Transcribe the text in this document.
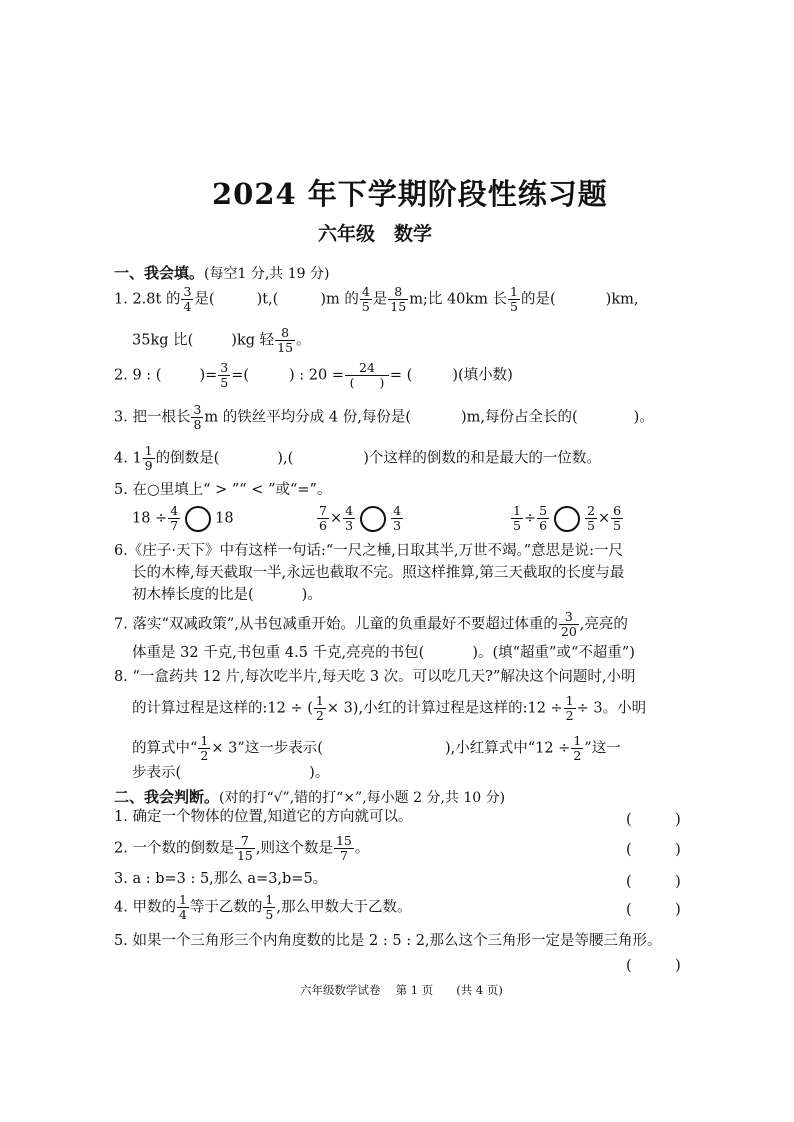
2024 年下学期阶段性练习题
六年级　数学
一、我会填。(每空1 分,共 19 分)
1. 2.8t 的 $\frac{3}{4}$ 是(	)t,(	)m 的 $\frac{4}{5}$ 是 $\frac{8}{15} m$;比 40km 长 $\frac{1}{5}$ 的是(	)km,
35kg 比(	)kg 轻 $\frac{8}{15}$ 。
2. 9 : (	)= $\frac{3}{5}$ =(	) : 20 =	24
(　　) = (	)(填小数)
3. 把一根长 $\frac{3}{8}$ m 的铁丝平均分成 4 份,每份是(	)m,每份占全长的(	)。
4. $1 \frac{1}{9}$ 的倒数是(	),(	)个这样的倒数的和是最大的一位数。
5. 在○里填上“ > ”“ < ”或“=”。
$18 \div \frac{4}{7} 18$	$\frac{7}{6} \times \frac{4}{3}$	$\frac{4}{3}$	$\frac{1}{5} \div \frac{5}{6}$	$\frac{2}{5} \times \frac{6}{5}$
6.《庄子·天下》中有这样一句话:“一尺之棰,日取其半,万世不竭。”意思是说:一尺
长的木棒,每天截取一半,永远也截取不完。照这样推算,第三天截取的长度与最
初木棒长度的比是(	)。
7. 落实“双减政策”,从书包减重开始。儿童的负重最好不要超过体重的 $\frac{3}{20}$ ,亮亮的
体重是 32 千克,书包重 4.5 千克,亮亮的书包(	)。(填“超重”或“不超重”)
8. “一盒药共 12 片,每次吃半片,每天吃 3 次。可以吃几天?”解决这个问题时,小明
的计算过程是这样的:12 ÷ ( $\frac{1}{2} \times 3$),小红的计算过程是这样的:12 ÷ $\frac{1}{2} \div 3$。小明
的算式中“ $\frac{1}{2} \times 3$”这一步表示(	),小红算式中“$12 \div \frac{1}{2}$ ”这一
步表示(	)。
二、我会判断。(对的打“√”,错的打“×”,每小题 2 分,共 10 分)
1. 确定一个物体的位置,知道它的方向就可以。	(　　　)
2. 一个数的倒数是 $\frac{7}{15}$ ,则这个数是 $\frac{15}{7}$ 。	(　　　)
3. a : b=3 : 5,那么 a=3,b=5。	(　　　)
4. 甲数的 $\frac{1}{4}$ 等于乙数的 $\frac{1}{5}$ ,那么甲数大于乙数。	(　　　)
5. 如果一个三角形三个内角度数的比是 2 : 5 : 2,那么这个三角形一定是等腰三角形。
(　　　)
六年级数学试卷　 第 1 页　　(共 4 页)
